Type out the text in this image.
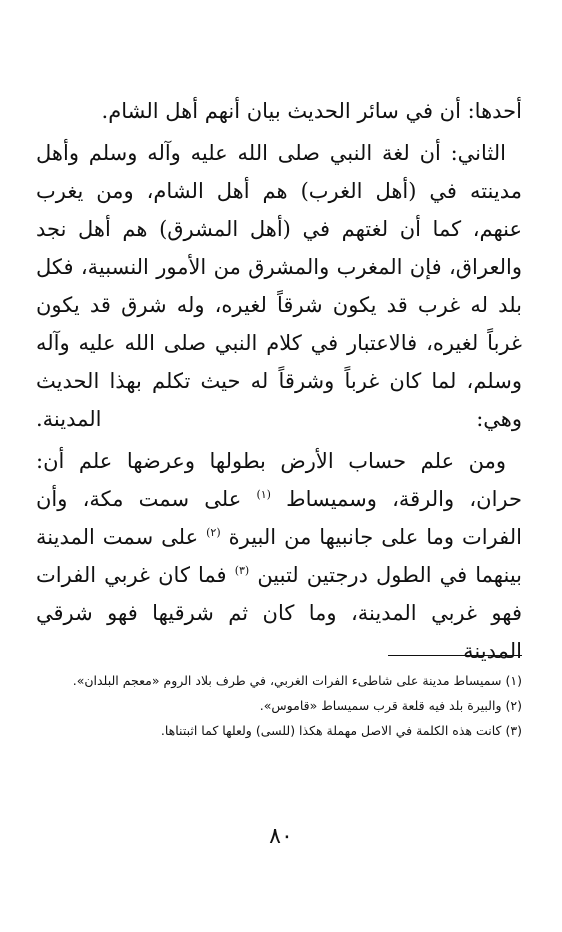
أحدها: أن في سائر الحديث بيان أنهم أهل الشام.

الثاني: أن لغة النبي صلى الله عليه وآله وسلم وأهل مدينته في (أهل الغرب) هم أهل الشام، ومن يغرب عنهم، كما أن لغتهم في (أهل المشرق) هم أهل نجد والعراق، فإن المغرب والمشرق من الأمور النسبية، فكل بلد له غرب قد يكون شرقاً لغيره، وله شرق قد يكون غرباً لغيره، فالاعتبار في كلام النبي صلى الله عليه وآله وسلم، لما كان غرباً وشرقاً له حيث تكلم بهذا الحديث وهي: المدينة.

ومن علم حساب الأرض بطولها وعرضها علم أن: حران، والرقة، وسميساط $^{(١)}$ على سمت مكة، وأن الفرات وما على جانبيها من البيرة $^{(٢)}$ على سمت المدينة بينهما في الطول درجتين لتبين $^{(٣)}$ فما كان غربي الفرات فهو غربي المدينة، وما كان ثم شرقيها فهو شرقي المدينة

(١)سميساط مدينة على شاطىء الفرات الغربي، في طرف بلاد الروم «معجم البلدان».

(٢)والبيرة بلد فيه قلعة قرب سميساط «قاموس».

(٣)كانت هذه الكلمة في الاصل مهملة هكذا (للسى) ولعلها كما اثبتناها.

٨٠
